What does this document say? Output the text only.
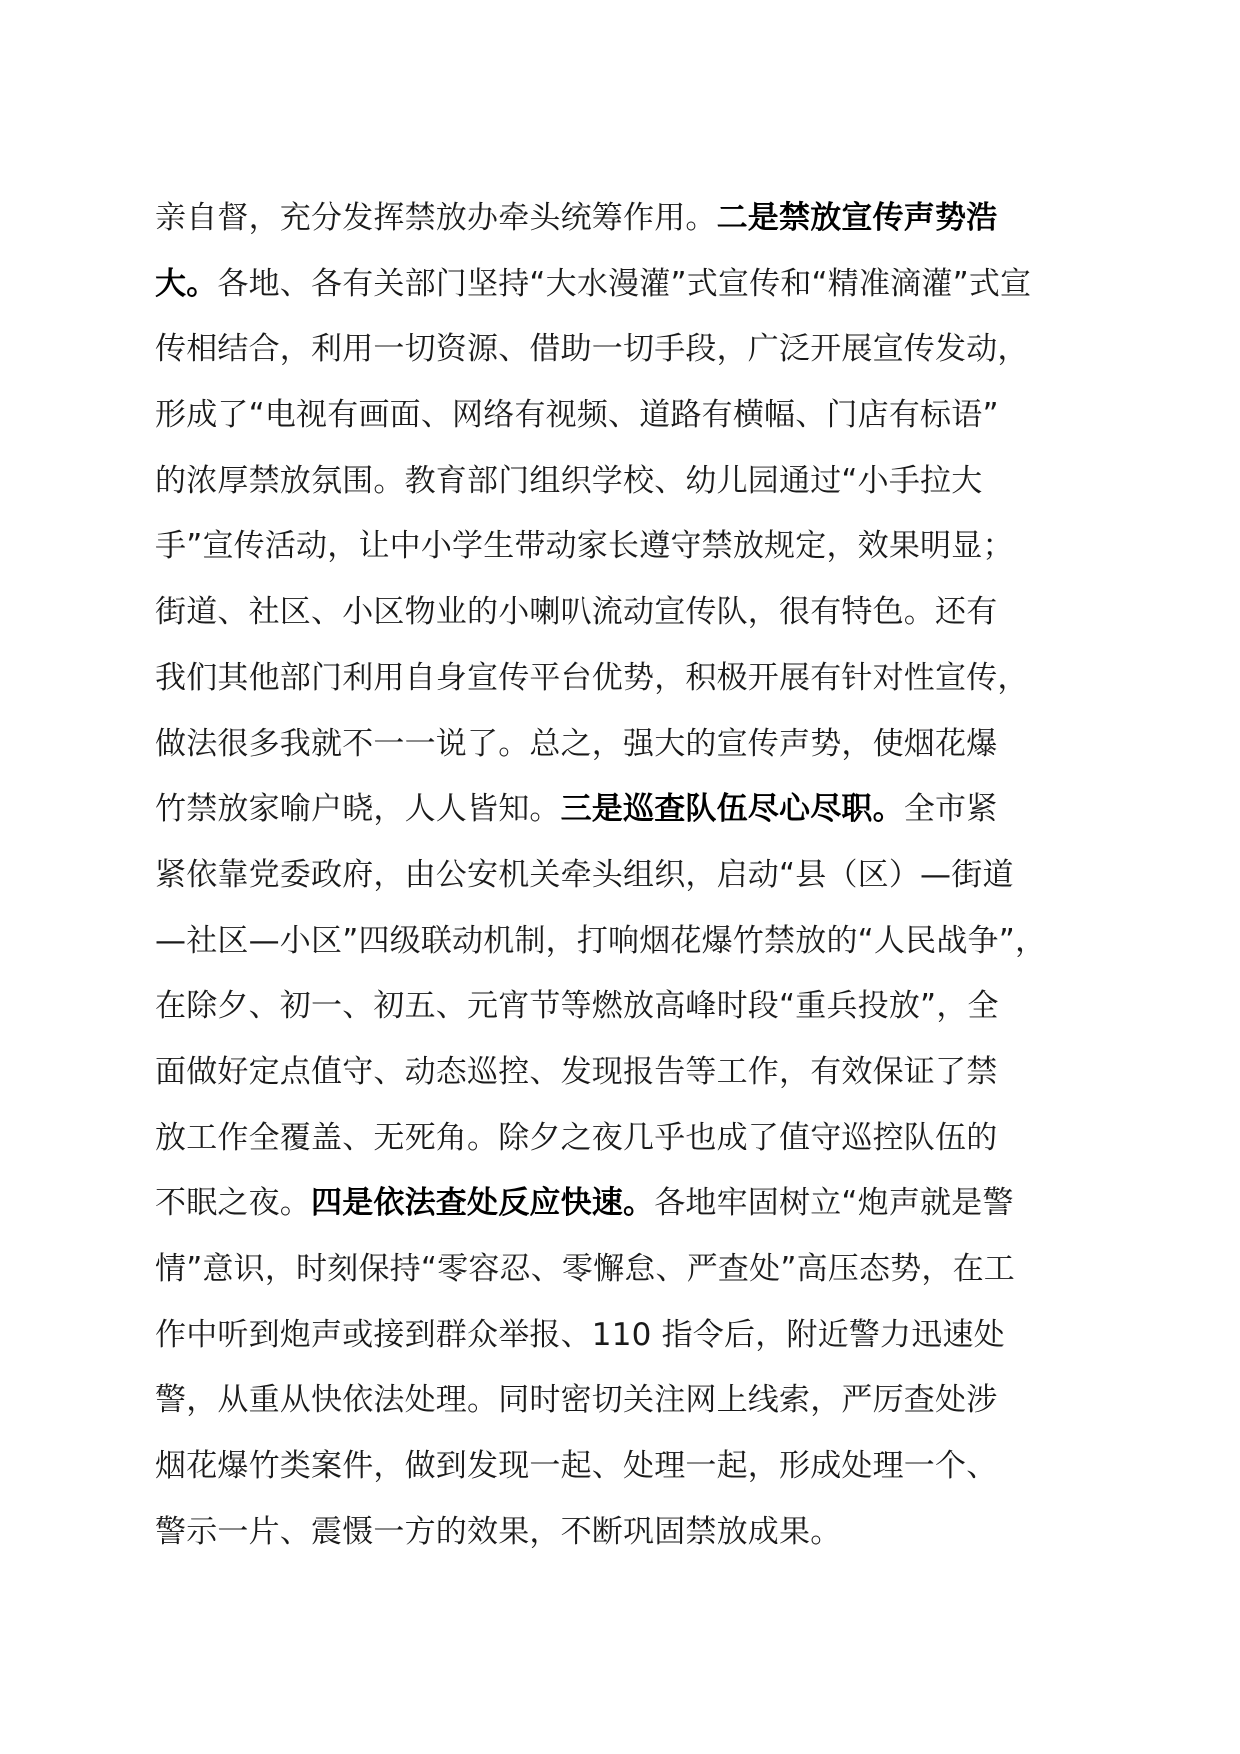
亲自督，充分发挥禁放办牵头统筹作用。二是禁放宣传声势浩
大。各地、各有关部门坚持“大水漫灌”式宣传和“精准滴灌”式宣
传相结合，利用一切资源、借助一切手段，广泛开展宣传发动，
形成了“电视有画面、网络有视频、道路有横幅、门店有标语”
的浓厚禁放氛围。教育部门组织学校、幼儿园通过“小手拉大
手”宣传活动，让中小学生带动家长遵守禁放规定，效果明显；
街道、社区、小区物业的小喇叭流动宣传队，很有特色。还有
我们其他部门利用自身宣传平台优势，积极开展有针对性宣传，
做法很多我就不一一说了。总之，强大的宣传声势，使烟花爆
竹禁放家喻户晓，人人皆知。三是巡查队伍尽心尽职。全市紧
紧依靠党委政府，由公安机关牵头组织，启动“县（区）—街道
—社区—小区”四级联动机制，打响烟花爆竹禁放的“人民战争”，
在除夕、初一、初五、元宵节等燃放高峰时段“重兵投放”，全
面做好定点值守、动态巡控、发现报告等工作，有效保证了禁
放工作全覆盖、无死角。除夕之夜几乎也成了值守巡控队伍的
不眠之夜。四是依法查处反应快速。各地牢固树立“炮声就是警
情”意识，时刻保持“零容忍、零懈怠、严查处”高压态势，在工
作中听到炮声或接到群众举报、110 指令后，附近警力迅速处
警，从重从快依法处理。同时密切关注网上线索，严厉查处涉
烟花爆竹类案件，做到发现一起、处理一起，形成处理一个、
警示一片、震慑一方的效果，不断巩固禁放成果。
